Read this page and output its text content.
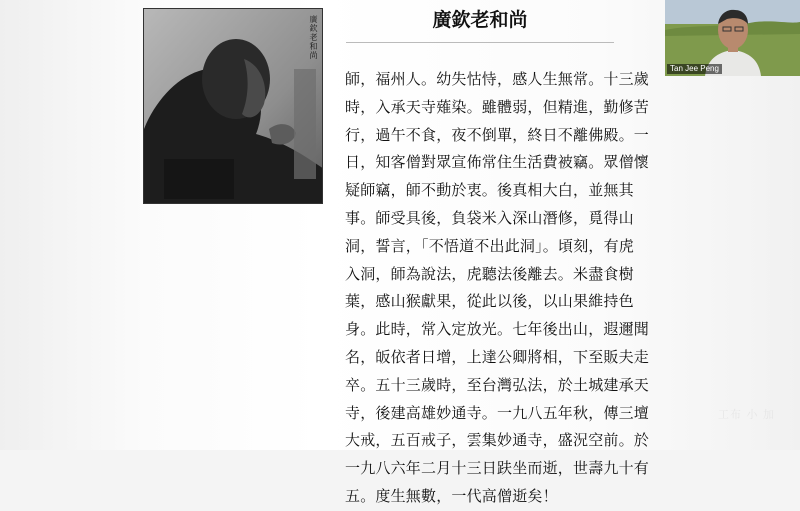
廣欽老和尚	廣欽老和尚
師，福州人。幼失怙恃，感人生無常。十三歲
時，入承天寺薙染。雖體弱，但精進，勤修苦
行，過午不食，夜不倒單，終日不離佛殿。一
日，知客僧對眾宣佈常住生活費被竊。眾僧懷
疑師竊，師不動於衷。後真相大白，並無其
事。師受具後，負袋米入深山潛修，覓得山
洞，誓言，「不悟道不出此洞」。頃刻，有虎
入洞，師為說法，虎聽法後離去。米盡食樹
葉，感山猴獻果，從此以後，以山果維持色
身。此時，常入定放光。七年後出山，遐邇聞
名，皈依者日增，上達公卿將相，下至販夫走
卒。五十三歲時，至台灣弘法，於土城建承天
寺，後建高雄妙通寺。一九八五年秋，傳三壇
大戒，五百戒子，雲集妙通寺，盛況空前。於
一九八六年二月十三日趺坐而逝，世壽九十有
五。度生無數，一代高僧逝矣！
工布 小 加
Tan Jee Peng
